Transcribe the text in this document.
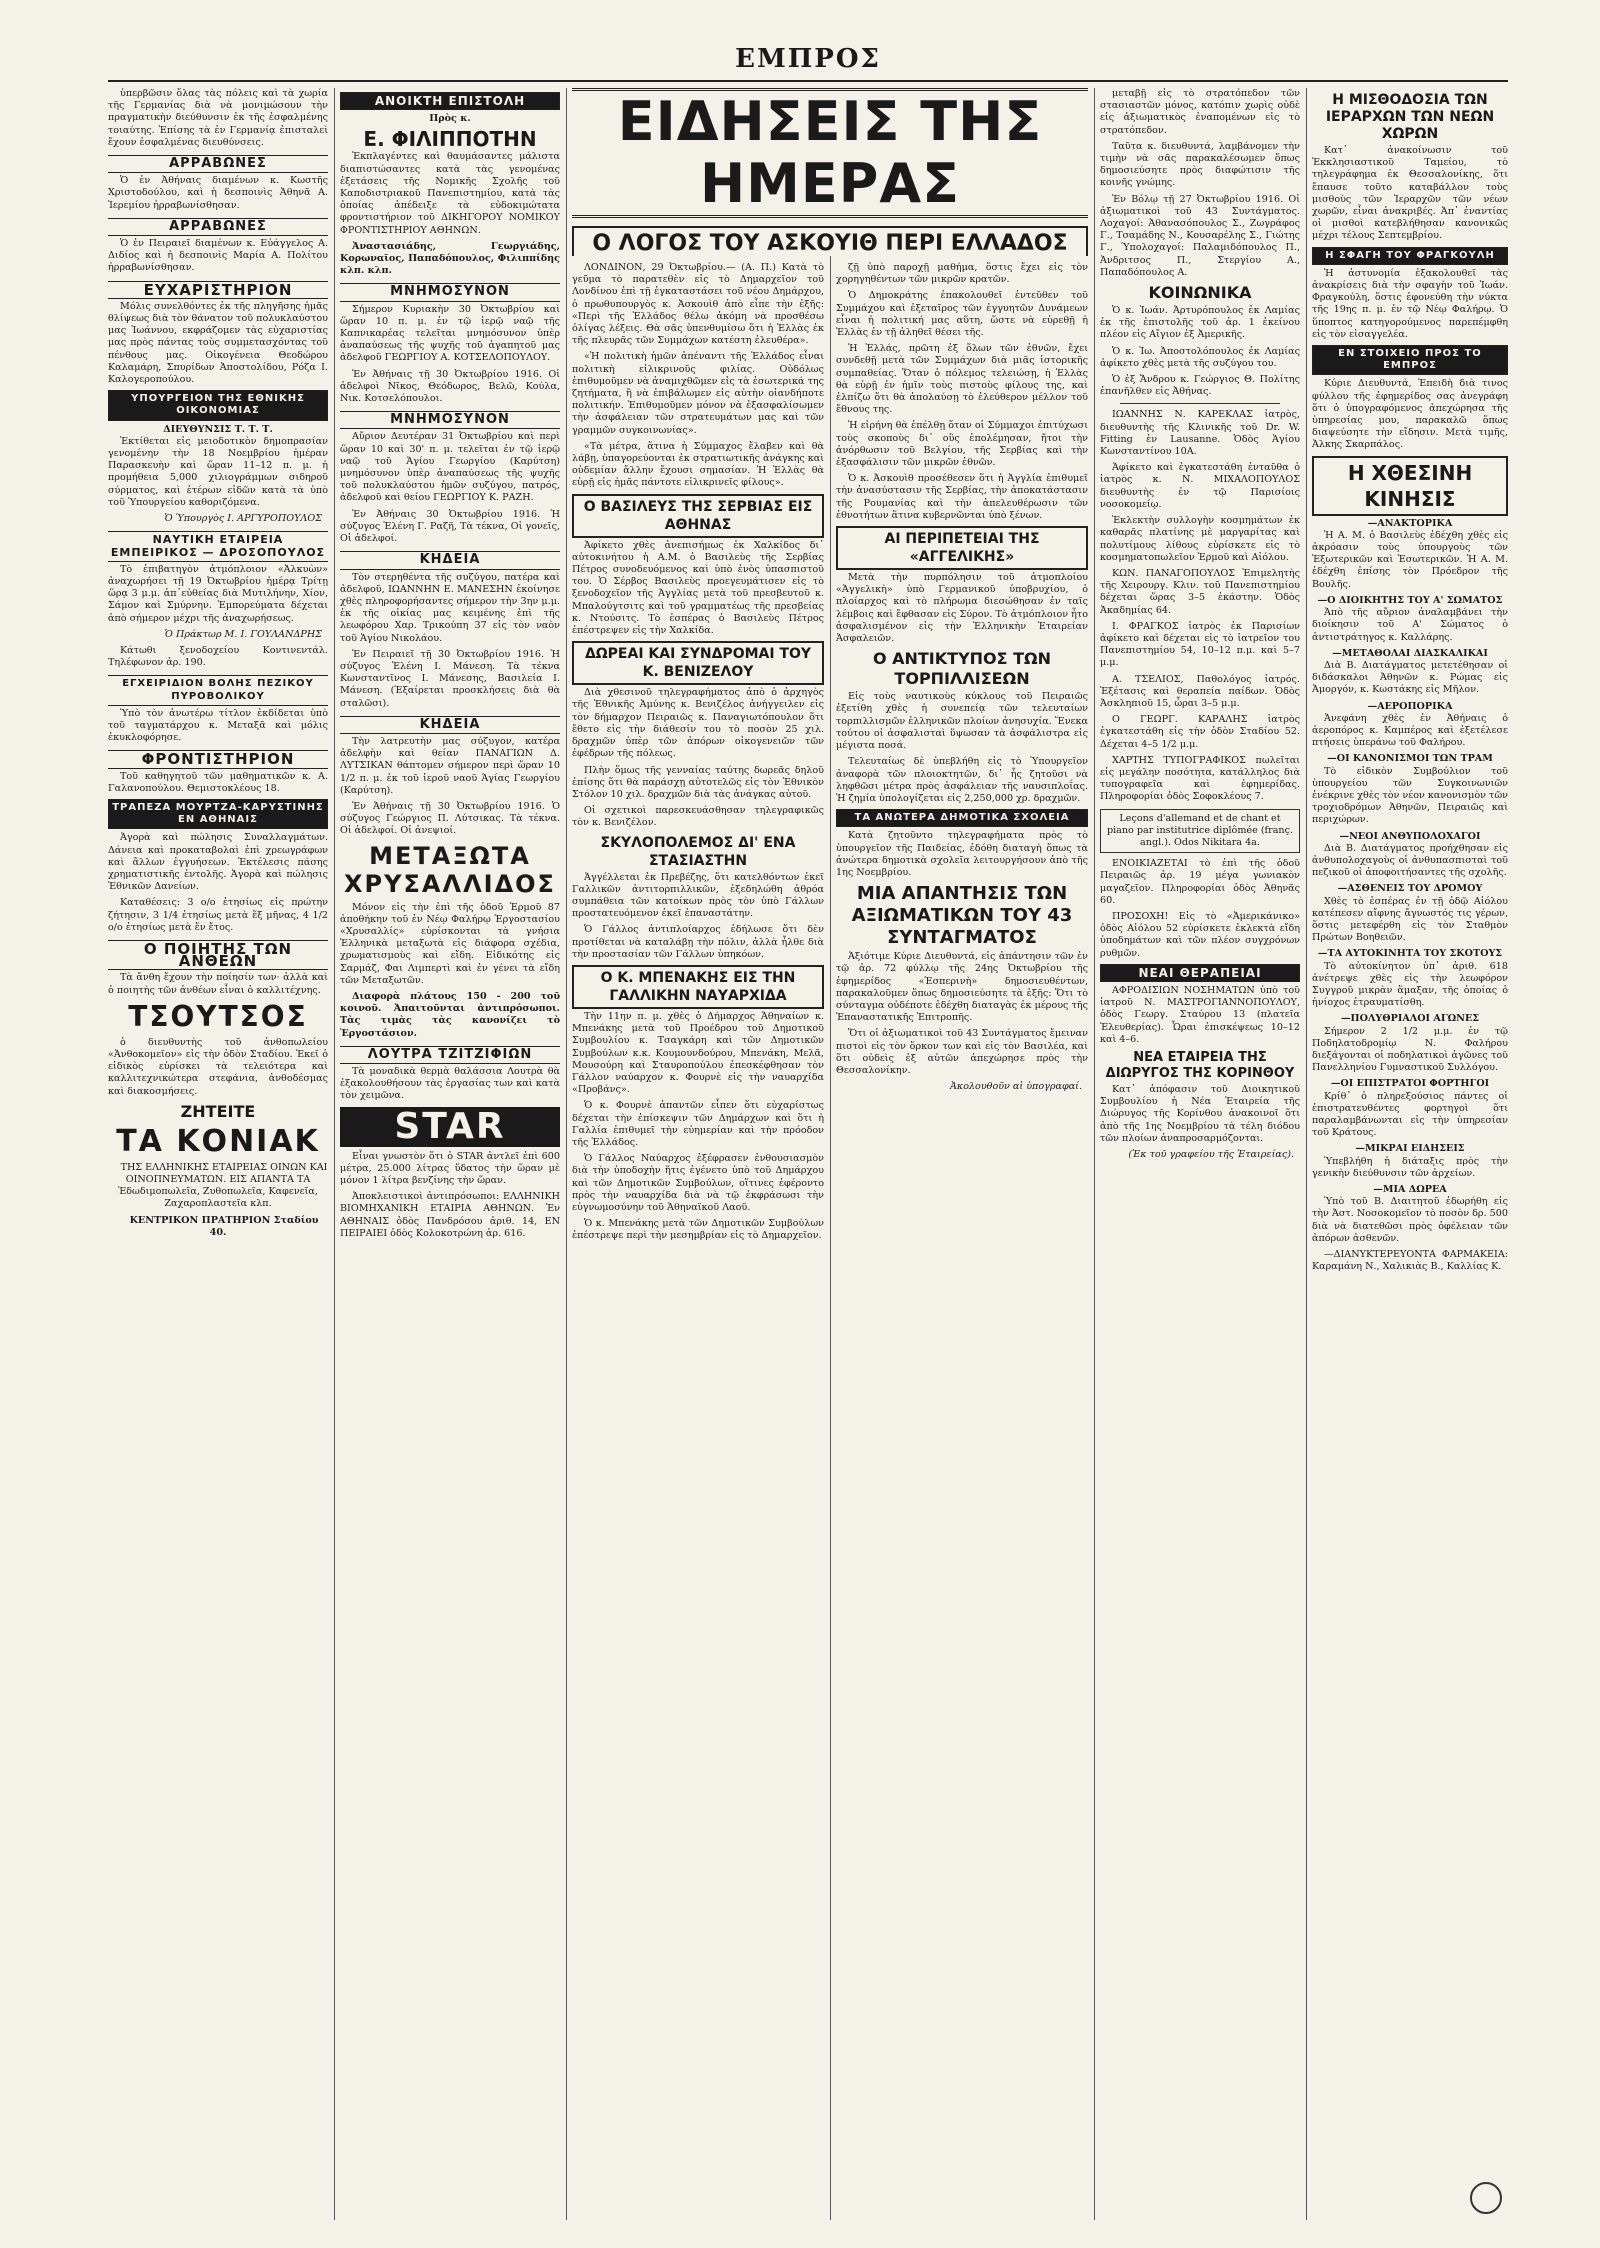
ΕΜΠΡΟΣ

ὑπερβῶσιν ὅλας τὰς πόλεις καὶ τὰ χωρία τῆς Γερμανίας διὰ νὰ μονιμώσουν τὴν πραγματικὴν διεύθυνσιν ἐκ τῆς ἐσφαλμένης τοιαύτης. Ἐπίσης τὰ ἐν Γερμανίᾳ ἐπισταλεὶ ἔχουν ἐσφαλμένας διευθύνσεις.

ΑΡΡΑΒΩΝΕΣ

Ὁ ἐν Ἀθήναις διαμένων κ. Κωστῆς Χριστοδούλου, καὶ ἡ δεσποινὶς Ἀθηνᾶ Α. Ἱερεμίου ἠρραβωνίσθησαν.

ΑΡΡΑΒΩΝΕΣ

Ὁ ἐν Πειραιεῖ διαμένων κ. Εὐάγγελος Α. Διδίος καὶ ἡ δεσποινὶς Μαρία Α. Πολίτου ἠρραβωνίσθησαν.

ΕΥΧΑΡΙΣΤΗΡΙΟΝ

Μόλις συνελθόντες ἐκ τῆς πληγῆσης ἡμᾶς θλίψεως διὰ τὸν θάνατον τοῦ πολυκλαύστου μας Ἰωάννου, εκφράζομεν τὰς εὐχαριστίας μας πρὸς πάντας τοὺς συμμετασχόντας τοῦ πένθους μας. Οἰκογένεια Θεοδώρου Καλαμάρη, Σπυρίδων Ἀποστολίδου, Ρόζα Ι. Καλογεροπούλου.

ΥΠΟΥΡΓΕΙΟΝ ΤΗΣ ΕΘΝΙΚΗΣ ΟΙΚΟΝΟΜΙΑΣ
ΔΙΕΥΘΥΝΣΙΣ Τ. Τ. Τ.

Ἐκτίθεται εἰς μειοδοτικὸν δημοπρασίαν γενομένην τὴν 18 Νοεμβρίου ἡμέραν Παρασκευὴν καὶ ὥραν 11–12 π. μ. ἡ προμήθεια 5,000 χιλιογράμμων σιδηροῦ σύρματος, καὶ ἑτέρων εἰδῶν κατὰ τὰ ὑπὸ τοῦ Ὑπουργείου καθοριζόμενα.

Ὁ Ὑπουργὸς Ι. ΑΡΓΥΡΟΠΟΥΛΟΣ
ΝΑΥΤΙΚΗ ΕΤΑΙΡΕΙΑ ΕΜΠΕΙΡΙΚΟΣ — ΔΡΟΣΟΠΟΥΛΟΣ

Τὸ ἐπιβατηγὸν ἀτμόπλοιον «Ἀλκυὼν» ἀναχωρήσει τῇ 19 Ὀκτωβρίου ἡμέρᾳ Τρίτῃ ὥρᾳ 3 μ.μ. ἀπ᾽εὐθείας διὰ Μυτιλήνην, Χίον, Σάμον καὶ Σμύρνην. Ἐμπορεύματα δέχεται ἀπὸ σήμερον μέχρι τῆς ἀναχωρήσεως.

Ὁ Πράκτωρ Μ. Ι. ΓΟΥΛΑΝΔΡΗΣ

Κάτωθι ξενοδοχείου Κοντινεντάλ. Τηλέφωνον ἀρ. 190.

ΕΓΧΕΙΡΙΔΙΟΝ ΒΟΛΗΣ ΠΕΖΙΚΟΥ ΠΥΡΟΒΟΛΙΚΟΥ

Ὑπὸ τὸν ἀνωτέρω τίτλον ἐκδίδεται ὑπὸ τοῦ ταγματάρχου κ. Μεταξᾶ καὶ μόλις ἐκυκλοφόρησε.

ΦΡΟΝΤΙΣΤΗΡΙΟΝ

Τοῦ καθηγητοῦ τῶν μαθηματικῶν κ. Α. Γαλανοπούλου. Θεμιστοκλέους 18.

ΤΡΑΠΕΖΑ ΜΟΥΡΤΖΑ-ΚΑΡΥΣΤΙΝΗΣ ΕΝ ΑΘΗΝΑΙΣ

Ἀγορὰ καὶ πώλησις Συναλλαγμάτων. Δάνεια καὶ προκαταβολαὶ ἐπὶ χρεωγράφων καὶ ἄλλων ἐγγυήσεων. Ἐκτέλεσις πάσης χρηματιστικῆς ἐντολῆς. Ἀγορὰ καὶ πώλησις Ἐθνικῶν Δανείων.

Καταθέσεις: 3 ο/ο ἐτησίως εἰς πρώτην ζήτησιν, 3 1/4 ἐτησίως μετὰ ἕξ μῆνας, 4 1/2 ο/ο ἐτησίως μετὰ ἕν ἔτος.

Ο ΠΟΙΗΤΗΣ ΤΩΝ ΑΝΘΕΩΝ

Τὰ ἄνθη ἔχουν τὴν ποίησίν των· ἀλλὰ καὶ ὁ ποιητὴς τῶν ἀνθέων εἶναι ὁ καλλιτέχνης.

ΤΣΟΥΤΣΟΣ

ὁ διευθυντὴς τοῦ ἀνθοπωλείου «Ἀνθοκομεῖον» εἰς τὴν ὁδὸν Σταδίου. Ἐκεῖ ὁ εἰδικὸς εὑρίσκει τὰ τελειότερα καὶ καλλιτεχνικώτερα στεφάνια, ἀνθοδέσμας καὶ διακοσμήσεις.

ΖΗΤΕΙΤΕ
ΤΑ ΚΟΝΙΑΚ

ΤΗΣ ΕΛΛΗΝΙΚΗΣ ΕΤΑΙΡΕΙΑΣ ΟΙΝΩΝ ΚΑΙ ΟΙΝΟΠΝΕΥΜΑΤΩΝ. ΕΙΣ ΑΠΑΝΤΑ ΤΑ Ἐδωδιμοπωλεῖα, Ζυθοπωλεῖα, Καφενεῖα, Ζαχαροπλαστεῖα κλπ.

ΚΕΝΤΡΙΚΟΝ ΠΡΑΤΗΡΙΟΝ Σταδίου 40.

ΑΝΟΙΚΤΗ ΕΠΙΣΤΟΛΗ
Πρὸς κ.
Ε. ΦΙΛΙΠΠΟΤΗΝ

Ἐκπλαγέντες καὶ θαυμάσαντες μάλιστα διαπιστώσαντες κατὰ τὰς γενομένας ἐξετάσεις τῆς Νομικῆς Σχολῆς τοῦ Καποδιστριακοῦ Πανεπιστημίου, κατὰ τὰς ὁποίας ἀπέδειξε τὰ εὐδοκιμώτατα φροντιστήριον τοῦ ΔΙΚΗΓΟΡΟΥ ΝΟΜΙΚΟΥ ΦΡΟΝΤΙΣΤΗΡΙΟΥ ΑΘΗΝΩΝ.

Ἀναστασιάδης, Γεωργιάδης, Κορωναῖος, Παπαδόπουλος, Φιλιππίδης κλπ. κλπ.

ΜΝΗΜΟΣΥΝΟΝ

Σήμερον Κυριακὴν 30 Ὀκτωβρίου καὶ ὥραν 10 π. μ. ἐν τῷ ἱερῷ ναῷ τῆς Καπνικαρέας τελεῖται μνημόσυνον ὑπὲρ ἀναπαύσεως τῆς ψυχῆς τοῦ ἀγαπητοῦ μας ἀδελφοῦ ΓΕΩΡΓΙΟΥ Α. ΚΟΤΣΕΛΟΠΟΥΛΟΥ.

Ἐν Ἀθήναις τῇ 30 Ὀκτωβρίου 1916. Οἱ ἀδελφοὶ Νῖκος, Θεόδωρος, Βελῶ, Κούλα, Νικ. Κοτσελόπουλοι.

ΜΝΗΜΟΣΥΝΟΝ

Αὔριον Δευτέραν 31 Ὀκτωβρίου καὶ περὶ ὥραν 10 καὶ 30' π. μ. τελεῖται ἐν τῷ ἱερῷ ναῷ τοῦ Ἁγίου Γεωργίου (Καρύτση) μνημόσυνον ὑπὲρ ἀναπαύσεως τῆς ψυχῆς τοῦ πολυκλαύστου ἡμῶν συζύγου, πατρός, ἀδελφοῦ καὶ θείου ΓΕΩΡΓΙΟΥ Κ. ΡΑΖΗ.

Ἐν Ἀθήναις 30 Ὀκτωβρίου 1916. Ἡ σύζυγος Ἑλένη Γ. Ραζῆ, Τὰ τέκνα, Οἱ γονεῖς, Οἱ ἀδελφοί.

ΚΗΔΕΙΑ

Τὸν στερηθέντα τῆς συζύγου, πατέρα καὶ ἀδελφοῦ, ΙΩΑΝΝΗΝ Ε. ΜΑΝΕΣΗΝ ἐκοίνησε χθὲς πληροφορήσαντες σήμερον τὴν 3ην μ.μ. ἐκ τῆς οἰκίας μας κειμένης ἐπὶ τῆς λεωφόρου Χαρ. Τρικούπη 37 εἰς τὸν ναὸν τοῦ Ἁγίου Νικολάου.

Ἐν Πειραιεῖ τῇ 30 Ὀκτωβρίου 1916. Ἡ σύζυγος Ἑλένη Ι. Μάνεση. Τὰ τέκνα Κωνσταντῖνος Ι. Μάνεσης, Βασιλεία Ι. Μάνεση. (Ἐξαίρεται προσκλήσεις διὰ θὰ σταλῶσι).

ΚΗΔΕΙΑ

Τὴν λατρευτὴν μας σύζυγον, κατέρα ἀδελφὴν καὶ θείαν ΠΑΝΑΓΙΩΝ Δ. ΛΥΤΣΙΚΑΝ θάπτομεν σήμερον περὶ ὥραν 10 1/2 π. μ. ἐκ τοῦ ἱεροῦ ναοῦ Ἁγίας Γεωργίου (Καρύτση).

Ἐν Ἀθήναις τῇ 30 Ὀκτωβρίου 1916. Ὁ σύζυγος Γεώργιος Π. Λύτσικας. Τὰ τέκνα. Οἱ ἀδελφοί. Οἱ ἀνεψιοί.

ΜΕΤΑΞΩΤΑ ΧΡΥΣΑΛΛΙΔΟΣ

Μόνον εἰς τὴν ἐπὶ τῆς ὁδοῦ Ἑρμοῦ 87 ἀποθήκην τοῦ ἐν Νέῳ Φαλήρῳ Ἐργοστασίου «Χρυσαλλίς» εὑρίσκονται τὰ γνήσια Ἑλληνικὰ μεταξωτὰ εἰς διάφορα σχέδια, χρωματισμοὺς καὶ εἴδη. Εἰδικότης εἰς Σαρμάζ, Φαι Λιμπερτὶ καὶ ἐν γένει τὰ εἴδη τῶν Μεταξωτῶν.

Διαφορὰ πλάτους 150 - 200 τοῦ κοινοῦ. Ἀπαιτοῦνται ἀντιπρόσωποι. Τὰς τιμὰς τὰς κανονίζει τὸ Ἐργοστάσιον.

ΛΟΥΤΡΑ ΤΖΙΤΖΙΦΙΩΝ

Τὰ μοναδικὰ θερμὰ θαλάσσια Λουτρὰ θὰ ἐξακολουθήσουν τὰς ἐργασίας των καὶ κατὰ τὸν χειμῶνα.

STAR

Εἶναι γνωστὸν ὅτι ὁ STAR ἀντλεῖ ἐπὶ 600 μέτρα, 25.000 λίτρας ὕδατος τὴν ὥραν μὲ μόνον 1 λίτρα βενζίνης τὴν ὥραν.

Ἀποκλειστικοὶ ἀντιπρόσωποι: ΕΛΛΗΝΙΚΗ ΒΙΟΜΗΧΑΝΙΚΗ ΕΤΑΙΡΙΑ ΑΘΗΝΩΝ. Ἐν ΑΘΗΝΑΙΣ ὁδὸς Πανδρόσου ἀριθ. 14, ΕΝ ΠΕΙΡΑΙΕΙ ὁδὸς Κολοκοτρώνη ἀρ. 616.

ΕΙΔΗΣΕΙΣ ΤΗΣ ΗΜΕΡΑΣ
Ο ΛΟΓΟΣ ΤΟΥ ΑΣΚΟΥΙΘ ΠΕΡΙ ΕΛΛΑΔΟΣ

ΛΟΝΔΙΝΟΝ, 29 Ὀκτωβρίου.— (Α. Π.) Κατὰ τὸ γεῦμα τὸ παρατεθὲν εἰς τὸ Δημαρχεῖον τοῦ Λονδίνου ἐπὶ τῇ ἐγκαταστάσει τοῦ νέου Δημάρχου, ὁ πρωθυπουργὸς κ. Ἀσκουὶθ ἀπὸ εἶπε τὴν ἐξῆς: «Περὶ τῆς Ἑλλάδος θέλω ἀκόμη νὰ προσθέσω ὀλίγας λέξεις. Θὰ σᾶς ὑπενθυμίσω ὅτι ἡ Ἑλλὰς ἐκ τῆς πλευρᾶς τῶν Συμμάχων κατέστη ἐλευθέρα».

«Ἡ πολιτικὴ ἡμῶν ἀπέναντι τῆς Ἑλλάδος εἶναι πολιτικὴ εἰλικρινοῦς φιλίας. Οὐδόλως ἐπιθυμοῦμεν νὰ ἀναμιχθῶμεν εἰς τὰ ἐσωτερικά της ζητήματα, ἢ νὰ ἐπιβάλωμεν εἰς αὐτὴν οἱανδήποτε πολιτικήν. Ἐπιθυμοῦμεν μόνον νὰ ἐξασφαλίσωμεν τὴν ἀσφάλειαν τῶν στρατευμάτων μας καὶ τῶν γραμμῶν συγκοινωνίας».

«Τὰ μέτρα, ἅτινα ἡ Σύμμαχος ἔλαβεν καὶ θὰ λάβῃ, ὑπαγορεύονται ἐκ στρατιωτικῆς ἀνάγκης καὶ οὐδεμίαν ἄλλην ἔχουσι σημασίαν. Ἡ Ἑλλὰς θὰ εὑρῇ εἰς ἡμᾶς πάντοτε εἰλικρινεῖς φίλους».

Ο ΒΑΣΙΛΕΥΣ ΤΗΣ ΣΕΡΒΙΑΣ ΕΙΣ ΑΘΗΝΑΣ

Ἀφίκετο χθὲς ἀνεπισήμως ἐκ Χαλκίδος δι᾽ αὐτοκινήτου ἡ Α.Μ. ὁ Βασιλεὺς τῆς Σερβίας Πέτρος συνοδευόμενος καὶ ὑπὸ ἑνὸς ὑπασπιστοῦ του. Ὁ Σέρβος Βασιλεὺς προεγευμάτισεν εἰς τὸ ξενοδοχεῖον τῆς Ἀγγλίας μετὰ τοῦ πρεσβευτοῦ κ. Μπαλούγτσιτς καὶ τοῦ γραμματέως τῆς πρεσβείας κ. Ντούσιτς. Τὸ ἑσπέρας ὁ Βασιλεὺς Πέτρος ἐπέστρεψεν εἰς τὴν Χαλκίδα.

ΔΩΡΕΑΙ ΚΑΙ ΣΥΝΔΡΟΜΑΙ ΤΟΥ Κ. ΒΕΝΙΖΕΛΟΥ

Διὰ χθεσινοῦ τηλεγραφήματος ἀπὸ ὁ ἀρχηγὸς τῆς Ἐθνικῆς Ἀμύνης κ. Βενιζέλος ἀνήγγειλεν εἰς τὸν δήμαρχον Πειραιῶς κ. Παναγιωτόπουλον ὅτι ἔθετο εἰς τὴν διάθεσίν του τὸ ποσὸν 25 χιλ. δραχμῶν ὑπὲρ τῶν ἀπόρων οἰκογενειῶν τῶν ἐφέδρων τῆς πόλεως.

Πλὴν ὅμως τῆς γενναίας ταύτης δωρεᾶς δηλοῦ ἐπίσης ὅτι θὰ παράσχῃ αὐτοτελῶς εἰς τὸν Ἐθνικὸν Στόλον 10 χιλ. δραχμῶν διὰ τὰς ἀνάγκας αὐτοῦ.

Οἱ σχετικοὶ παρεσκευάσθησαν τηλεγραφικῶς τὸν κ. Βενιζέλον.

ΣΚΥΛΟΠΟΛΕΜΟΣ ΔΙ' ΕΝΑ ΣΤΑΣΙΑΣΤΗΝ

Ἀγγέλλεται ἐκ Πρεβέζης, ὅτι κατελθόντων ἐκεῖ Γαλλικῶν ἀντιτορπιλλικῶν, ἐξεδηλώθη ἀθρόα συμπάθεια τῶν κατοίκων πρὸς τὸν ὑπὸ Γάλλων προστατευόμενον ἐκεῖ ἐπαναστάτην.

Ὁ Γάλλος ἀντιπλοίαρχος ἐδήλωσε ὅτι δὲν προτίθεται νὰ καταλάβῃ τὴν πόλιν, ἀλλὰ ἦλθε διὰ τὴν προστασίαν τῶν Γάλλων ὑπηκόων.

Ο Κ. ΜΠΕΝΑΚΗΣ ΕΙΣ ΤΗΝ ΓΑΛΛΙΚΗΝ ΝΑΥΑΡΧΙΔΑ

Τὴν 11ην π. μ. χθὲς ὁ Δήμαρχος Ἀθηναίων κ. Μπενάκης μετὰ τοῦ Προέδρου τοῦ Δημοτικοῦ Συμβουλίου κ. Τσαγκάρη καὶ τῶν Δημοτικῶν Συμβούλων κ.κ. Κουμουνδούρου, Μπενάκη, Μελᾶ, Μουσούρη καὶ Σταυροπούλου ἐπεσκέφθησαν τὸν Γάλλον ναύαρχον κ. Φουρνὲ εἰς τὴν ναυαρχίδα «Προβάνς».

Ὁ κ. Φουρνὲ ἀπαντῶν εἶπεν ὅτι εὐχαρίστως δέχεται τὴν ἐπίσκεψιν τῶν Δημάρχων καὶ ὅτι ἡ Γαλλία ἐπιθυμεῖ τὴν εὐημερίαν καὶ τὴν πρόοδον τῆς Ἑλλάδος.

Ὁ Γάλλος Ναύαρχος ἐξέφρασεν ἐνθουσιασμὸν διὰ τὴν ὑποδοχὴν ἥτις ἐγένετο ὑπὸ τοῦ Δημάρχου καὶ τῶν Δημοτικῶν Συμβούλων, οἵτινες ἐφέροντο πρὸς τὴν ναυαρχίδα διὰ νὰ τῷ ἐκφράσωσι τὴν εὐγνωμοσύνην τοῦ Ἀθηναϊκοῦ Λαοῦ.

Ὁ κ. Μπενάκης μετὰ τῶν Δημοτικῶν Συμβούλων ἐπέστρεψε περὶ τὴν μεσημβρίαν εἰς τὸ Δημαρχεῖον.

ζῇ ὑπὸ παροχῇ μαθήμα, ὅστις ἔχει εἰς τὸν χορηγηθέντων τῶν μικρῶν κρατῶν.

Ὁ Δημοκράτης ἐπακολουθεῖ ἐντεῦθεν τοῦ Συμμάχου καὶ ἐξεταῖρος τῶν ἐγγυητῶν Δυνάμεων εἶναι ἡ πολιτική μας αὕτη, ὥστε νὰ εὑρεθῇ ἡ Ἑλλὰς ἐν τῇ ἀληθεῖ θέσει τῆς.

Ἡ Ἑλλάς, πρῶτη ἐξ ὅλων τῶν ἐθνῶν, ἔχει συνδεθῇ μετὰ τῶν Συμμάχων διὰ μιᾶς ἱστορικῆς συμπαθείας. Ὅταν ὁ πόλεμος τελειώσῃ, ἡ Ἑλλὰς θὰ εὑρῇ ἐν ἡμῖν τοὺς πιστοὺς φίλους της, καὶ ἐλπίζω ὅτι θὰ ἀπολαύσῃ τὸ ἐλεύθερον μέλλον τοῦ ἔθνους της.

Ἡ εἰρήνη θὰ ἐπέλθῃ ὅταν οἱ Σύμμαχοι ἐπιτύχωσι τοὺς σκοποὺς δι᾽ οὓς ἐπολέμησαν, ἤτοι τὴν ἀνόρθωσιν τοῦ Βελγίου, τῆς Σερβίας καὶ τὴν ἐξασφάλισιν τῶν μικρῶν ἐθνῶν.

Ὁ κ. Ἀσκουὶθ προσέθεσεν ὅτι ἡ Ἀγγλία ἐπιθυμεῖ τὴν ἀνασύστασιν τῆς Σερβίας, τὴν ἀποκατάστασιν τῆς Ρουμανίας καὶ τὴν ἀπελευθέρωσιν τῶν ἐθνοτήτων ἅτινα κυβερνῶνται ὑπὸ ξένων.

ΑΙ ΠΕΡΙΠΕΤΕΙΑΙ ΤΗΣ «ΑΓΓΕΛΙΚΗΣ»

Μετὰ τὴν πυρπόλησιν τοῦ ἀτμοπλοίου «Ἀγγελικὴ» ὑπὸ Γερμανικοῦ ὑποβρυχίου, ὁ πλοίαρχος καὶ τὸ πλήρωμα διεσώθησαν ἐν ταῖς λέμβοις καὶ ἔφθασαν εἰς Σύρον. Τὸ ἀτμόπλοιον ἦτο ἀσφαλισμένον εἰς τὴν Ἑλληνικὴν Ἑταιρείαν Ἀσφαλειῶν.

Ο ΑΝΤΙΚΤΥΠΟΣ ΤΩΝ ΤΟΡΠΙΛΛΙΣΕΩΝ

Εἰς τοὺς ναυτικοὺς κύκλους τοῦ Πειραιῶς ἐξετίθη χθὲς ἡ συνεπείᾳ τῶν τελευταίων τορπιλλισμῶν ἑλληνικῶν πλοίων ἀνησυχία. Ἕνεκα τούτου οἱ ἀσφαλισταὶ ὕψωσαν τὰ ἀσφάλιστρα εἰς μέγιστα ποσά.

Τελευταίως δὲ ὑπεβλήθη εἰς τὸ Ὑπουργεῖον ἀναφορὰ τῶν πλοιοκτητῶν, δι᾽ ἧς ζητοῦσι νὰ ληφθῶσι μέτρα πρὸς ἀσφάλειαν τῆς ναυσιπλοΐας. Ἡ ζημία ὑπολογίζεται εἰς 2,250,000 χρ. δραχμῶν.

ΤΑ ΑΝΩΤΕΡΑ ΔΗΜΟΤΙΚΑ ΣΧΟΛΕΙΑ

Κατὰ ζητοῦντο τηλεγραφήματα πρὸς τὸ ὑπουργεῖον τῆς Παιδείας, ἐδόθη διαταγὴ ὅπως τὰ ἀνώτερα δημοτικὰ σχολεῖα λειτουργήσουν ἀπὸ τῆς 1ης Νοεμβρίου.

ΜΙΑ ΑΠΑΝΤΗΣΙΣ ΤΩΝ ΑΞΙΩΜΑΤΙΚΩΝ ΤΟΥ 43 ΣΥΝΤΑΓΜΑΤΟΣ

Ἀξιότιμε Κύριε Διευθυντά, εἰς ἀπάντησιν τῶν ἐν τῷ ἀρ. 72 φύλλῳ τῆς 24ης Ὀκτωβρίου τῆς ἐφημερίδος «Ἑσπερινὴ» δημοσιευθέντων, παρακαλοῦμεν ὅπως δημοσιεύσητε τὰ ἑξῆς: Ὅτι τὸ σύνταγμα οὐδέποτε ἐδέχθη διαταγὰς ἐκ μέρους τῆς Ἐπαναστατικῆς Ἐπιτροπῆς.

Ὅτι οἱ ἀξιωματικοὶ τοῦ 43 Συντάγματος ἔμειναν πιστοὶ εἰς τὸν ὅρκον των καὶ εἰς τὸν Βασιλέα, καὶ ὅτι οὐδεὶς ἐξ αὐτῶν ἀπεχώρησε πρὸς τὴν Θεσσαλονίκην.

Ἀκολουθοῦν αἱ ὑπογραφαί.

μεταβῇ εἰς τὸ στρατόπεδον τῶν στασιαστῶν μόνος, κατόπιν χωρὶς οὐδὲ εἰς ἀξιωματικὸς ἐναπομένων εἰς τὸ στρατόπεδον.

Ταῦτα κ. διευθυντά, λαμβάνομεν τὴν τιμὴν νὰ σᾶς παρακαλέσωμεν ὅπως δημοσιεύσητε πρὸς διαφώτισιν τῆς κοινῆς γνώμης.

Ἐν Βόλῳ τῇ 27 Ὀκτωβρίου 1916. Οἱ ἀξιωματικοὶ τοῦ 43 Συντάγματος. Λοχαγοί: Ἀθανασόπουλος Σ., Ζωγράφος Γ., Τσαμάδης Ν., Κουσαρέλης Σ., Γιώτης Γ., Ὑπολοχαγοί: Παλαμιδόπουλος Π., Ἀνδριτσος Π., Στεργίου Α., Παπαδόπουλος Α.

ΚΟΙΝΩΝΙΚΑ

Ὁ κ. Ἰωάν. Ἀρτυρόπουλος ἐκ Λαμίας ἐκ τῆς ἐπιστολῆς τοῦ ἀρ. 1 ἐκείνου πλέον εἰς Αἴγιον ἐξ Ἀμερικῆς.

Ὁ κ. Ἰω. Ἀποστολόπουλος ἐκ Λαμίας ἀφίκετο χθὲς μετὰ τῆς συζύγου του.

Ὁ ἐξ Ἄνδρου κ. Γεώργιος Θ. Πολίτης ἐπανῆλθεν εἰς Ἀθήνας.

ΙΩΑΝΝΗΣ Ν. ΚΑΡΕΚΛΑΣ ἰατρὸς, διευθυντὴς τῆς Κλινικῆς τοῦ Dr. W. Fitting ἐν Lausanne. Ὁδὸς Ἁγίου Κωνσταντίνου 10Α.

Ἀφίκετο καὶ ἐγκατεστάθη ἐνταῦθα ὁ ἰατρὸς κ. Ν. ΜΙΧΑΛΟΠΟΥΛΟΣ διευθυντὴς ἐν τῷ Παρισίοις νοσοκομείῳ.

Ἐκλεκτὴν συλλογὴν κοσμημάτων ἐκ καθαρᾶς πλατίνης μὲ μαργαρίτας καὶ πολυτίμους λίθους εὑρίσκετε εἰς τὸ κοσμηματοπωλεῖον Ἑρμοῦ καὶ Αἰόλου.

ΚΩΝ. ΠΑΝΑΓΟΠΟΥΛΟΣ Ἐπιμελητὴς τῆς Χειρουργ. Κλιν. τοῦ Πανεπιστημίου δέχεται ὥρας 3–5 ἑκάστην. Ὁδὸς Ἀκαδημίας 64.

Ι. ΦΡΑΓΚΟΣ ἰατρὸς ἐκ Παρισίων ἀφίκετο καὶ δέχεται εἰς τὸ ἰατρεῖον του Πανεπιστημίου 54, 10–12 π.μ. καὶ 5–7 μ.μ.

Α. ΤΣΕΛΙΟΣ, Παθολόγος ἰατρός. Ἐξέτασις καὶ θεραπεία παίδων. Ὁδὸς Ἀσκληπιοῦ 15, ὧραι 3–5 μ.μ.

Ο ΓΕΩΡΓ. ΚΑΡΑΛΗΣ ἰατρὸς ἐγκατεστάθη εἰς τὴν ὁδὸν Σταδίου 52. Δέχεται 4–5 1/2 μ.μ.

ΧΑΡΤΗΣ ΤΥΠΟΓΡΑΦΙΚΟΣ πωλεῖται εἰς μεγάλην ποσότητα, κατάλληλος διὰ τυπογραφεῖα καὶ ἐφημερίδας. Πληροφορίαι ὁδὸς Σοφοκλέους 7.

Leçons d'allemand et de chant et piano par institutrice diplômée (franç. angl.). Odos Nikitara 4a.

ΕΝΟΙΚΙΑΖΕΤΑΙ τὸ ἐπὶ τῆς ὁδοῦ Πειραιῶς ἀρ. 19 μέγα γωνιακὸν μαγαζεῖον. Πληροφορίαι ὁδὸς Ἀθηνᾶς 60.

ΠΡΟΣΟΧΗ! Εἰς τὸ «Ἀμερικάνικο» ὁδὸς Αἰόλου 52 εὑρίσκετε ἐκλεκτὰ εἴδη ὑποδημάτων καὶ τῶν πλέον συγχρόνων ρυθμῶν.

ΝΕΑΙ ΘΕΡΑΠΕΙΑΙ

ΑΦΡΟΔΙΣΙΩΝ ΝΟΣΗΜΑΤΩΝ ὑπὸ τοῦ ἰατροῦ Ν. ΜΑΣΤΡΟΓΙΑΝΝΟΠΟΥΛΟΥ, ὁδὸς Γεωργ. Σταύρου 13 (πλατεῖα Ἐλευθερίας). Ὧραι ἐπισκέψεως 10–12 καὶ 4–6.

ΝΕΑ ΕΤΑΙΡΕΙΑ ΤΗΣ ΔΙΩΡΥΓΟΣ ΤΗΣ ΚΟΡΙΝΘΟΥ

Κατ᾽ ἀπόφασιν τοῦ Διοικητικοῦ Συμβουλίου ἡ Νέα Ἑταιρεία τῆς Διώρυγος τῆς Κορίνθου ἀνακοινοῖ ὅτι ἀπὸ τῆς 1ης Νοεμβρίου τὰ τέλη διόδου τῶν πλοίων ἀναπροσαρμόζονται.

(Ἐκ τοῦ γραφείου τῆς Ἑταιρείας).
Η ΜΙΣΘΟΔΟΣΙΑ ΤΩΝ ΙΕΡΑΡΧΩΝ ΤΩΝ ΝΕΩΝ ΧΩΡΩΝ

Κατ᾽ ἀνακοίνωσιν τοῦ Ἐκκλησιαστικοῦ Ταμείου, τὸ τηλεγράφημα ἐκ Θεσσαλονίκης, ὅτι ἔπαυσε τοῦτο καταβάλλον τοὺς μισθοὺς τῶν Ἱεραρχῶν τῶν νέων χωρῶν, εἶναι ἀνακριβές. Ἀπ᾽ ἐναντίας οἱ μισθοὶ κατεβλήθησαν κανονικῶς μέχρι τέλους Σεπτεμβρίου.

Η ΣΦΑΓΗ ΤΟΥ ΦΡΑΓΚΟΥΛΗ

Ἡ ἀστυνομία ἐξακολουθεῖ τὰς ἀνακρίσεις διὰ τὴν σφαγὴν τοῦ Ἰωάν. Φραγκούλη, ὅστις ἐφονεύθη τὴν νύκτα τῆς 19ης π. μ. ἐν τῷ Νέῳ Φαλήρῳ. Ὁ ὕποπτος κατηγορούμενος παρεπέμφθη εἰς τὸν εἰσαγγελέα.

ΕΝ ΣΤΟΙΧΕΙΟ ΠΡΟΣ ΤΟ ΕΜΠΡΟΣ

Κύριε Διευθυντά, Ἐπειδὴ διὰ τινος φύλλου τῆς ἐφημερίδος σας ἀνεγράφη ὅτι ὁ ὑπογραφόμενος ἀπεχώρησα τῆς ὑπηρεσίας μου, παρακαλῶ ὅπως διαψεύσητε τὴν εἴδησιν. Μετὰ τιμῆς, Ἀλκης Σκαρπάλος.

Η ΧΘΕΣΙΝΗ ΚΙΝΗΣΙΣ
—ΑΝΑΚΤΟΡΙΚΑ

Ἡ Α. Μ. ὁ Βασιλεὺς ἐδέχθη χθὲς εἰς ἀκρόασιν τοὺς ὑπουργοὺς τῶν Ἐξωτερικῶν καὶ Ἐσωτερικῶν. Ἡ Α. Μ. ἐδέχθη ἐπίσης τὸν Πρόεδρον τῆς Βουλῆς.

—Ο ΔΙΟΙΚΗΤΗΣ ΤΟΥ Α' ΣΩΜΑΤΟΣ

Ἀπὸ τῆς αὔριον ἀναλαμβάνει τὴν διοίκησιν τοῦ Α' Σώματος ὁ ἀντιστράτηγος κ. Καλλάρης.

—ΜΕΤΑΘΟΛΑΙ ΔΙΑΣΚΑΛΙΚΑΙ

Διὰ Β. Διατάγματος μετετέθησαν οἱ διδάσκαλοι Ἀθηνῶν κ. Ρώμας εἰς Ἀμοργόν, κ. Κωστάκης εἰς Μῆλον.

—ΑΕΡΟΠΟΡΙΚΑ

Ἀνεφάνη χθὲς ἐν Ἀθήναις ὁ ἀεροπόρος κ. Καμπέρος καὶ ἐξετέλεσε πτήσεις ὑπεράνω τοῦ Φαλήρου.

—ΟΙ ΚΑΝΟΝΙΣΜΟΙ ΤΩΝ ΤΡΑΜ

Τὸ εἰδικὸν Συμβούλιον τοῦ ὑπουργείου τῶν Συγκοινωνιῶν ἐνέκρινε χθὲς τὸν νέον κανονισμὸν τῶν τροχιοδρόμων Ἀθηνῶν, Πειραιῶς καὶ περιχώρων.

—ΝΕΟΙ ΑΝΘΥΠΟΛΟΧΑΓΟΙ

Διὰ Β. Διατάγματος προήχθησαν εἰς ἀνθυπολοχαγοὺς οἱ ἀνθυπασπισταὶ τοῦ πεζικοῦ οἱ ἀποφοιτήσαντες τῆς σχολῆς.

—ΑΣΘΕΝΕΙΣ ΤΟΥ ΔΡΟΜΟΥ

Χθὲς τὸ ἑσπέρας ἐν τῇ ὁδῷ Αἰόλου κατέπεσεν αἴφνης ἄγνωστός τις γέρων, ὅστις μετεφέρθη εἰς τὸν Σταθμὸν Πρώτων Βοηθειῶν.

—ΤΑ ΑΥΤΟΚΙΝΗΤΑ ΤΟΥ ΣΚΟΤΟΥΣ

Τὸ αὐτοκίνητον ὑπ᾽ ἀριθ. 618 ἀνέτρεψε χθὲς εἰς τὴν λεωφόρον Συγγροῦ μικρὰν ἅμαξαν, τῆς ὁποίας ὁ ἡνίοχος ἐτραυματίσθη.

—ΠΟΛΥΘΡΙΑΛΟΙ ΑΓΩΝΕΣ

Σήμερον 2 1/2 μ.μ. ἐν τῷ Ποδηλατοδρομίῳ Ν. Φαλήρου διεξάγονται οἱ ποδηλατικοὶ ἀγῶνες τοῦ Πανελληνίου Γυμναστικοῦ Συλλόγου.

—ΟΙ ΕΠΙΣΤΡΑΤΟΙ ΦΟΡΤΗΓΟΙ

Κρίθ᾽ ὁ πληρεξούσιος πάντες οἱ ἐπιστρατευθέντες φορτηγοὶ ὅτι παραλαμβάνωνται εἰς τὴν ὑπηρεσίαν τοῦ Κράτους.

—ΜΙΚΡΑΙ ΕΙΔΗΣΕΙΣ

Ὑπεβλήθη ἡ διάταξις πρὸς τὴν γενικὴν διεύθυνσιν τῶν ἀρχείων.

—ΜΙΑ ΔΩΡΕΑ

Ὑπὸ τοῦ Β. Διαιτητοῦ ἐδωρήθη εἰς τὴν Ἀστ. Νοσοκομεῖον τὸ ποσὸν δρ. 500 διὰ νὰ διατεθῶσι πρὸς ὀφέλειαν τῶν ἀπόρων ἀσθενῶν.

—ΔΙΑΝΥΚΤΕΡΕΥΟΝΤΑ ΦΑΡΜΑΚΕΙΑ: Καραμάνη Ν., Χαλικιὰς Β., Καλλίας Κ.
